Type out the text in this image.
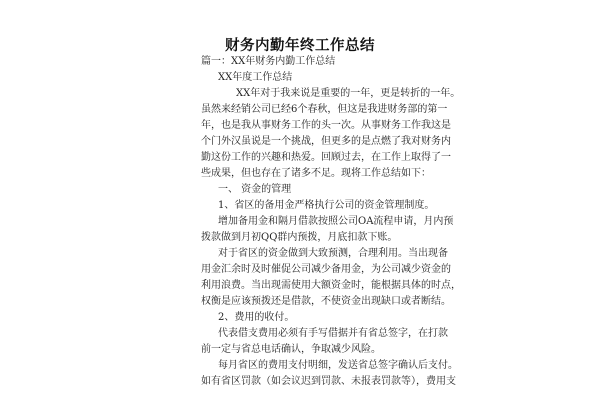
财务内勤年终工作总结
篇一：XX年财务内勤工作总结
XX年度工作总结
XX年对于我来说是重要的一年，更是转折的一年。
虽然来经销公司已经6个春秋，但这是我进财务部的第一
年，也是我从事财务工作的头一次。从事财务工作我这是
个门外汉虽说是一个挑战，但更多的是点燃了我对财务内
勤这份工作的兴趣和热爱。回顾过去，在工作上取得了一
些成果，但也存在了诸多不足。现将工作总结如下：
一、 资金的管理
1、省区的备用金严格执行公司的资金管理制度。
增加备用金和隔月借款按照公司OA流程申请，月内预
拨款做到月初QQ群内预拨，月底扣款下账。
对于省区的资金做到大致预测，合理利用。当出现备
用金汇余时及时催促公司减少备用金，为公司减少资金的
利用浪费。当出现需使用大额资金时，能根据具体的时点，
权衡是应该预拨还是借款，不使资金出现缺口或者断结。
2、费用的收付。
代表借支费用必须有手写借据并有省总签字，在打款
前一定与省总电话确认，争取减少风险。
每月省区的费用支付明细，发送省总签字确认后支付。
如有省区罚款（如会议迟到罚款、未报表罚款等），费用支
